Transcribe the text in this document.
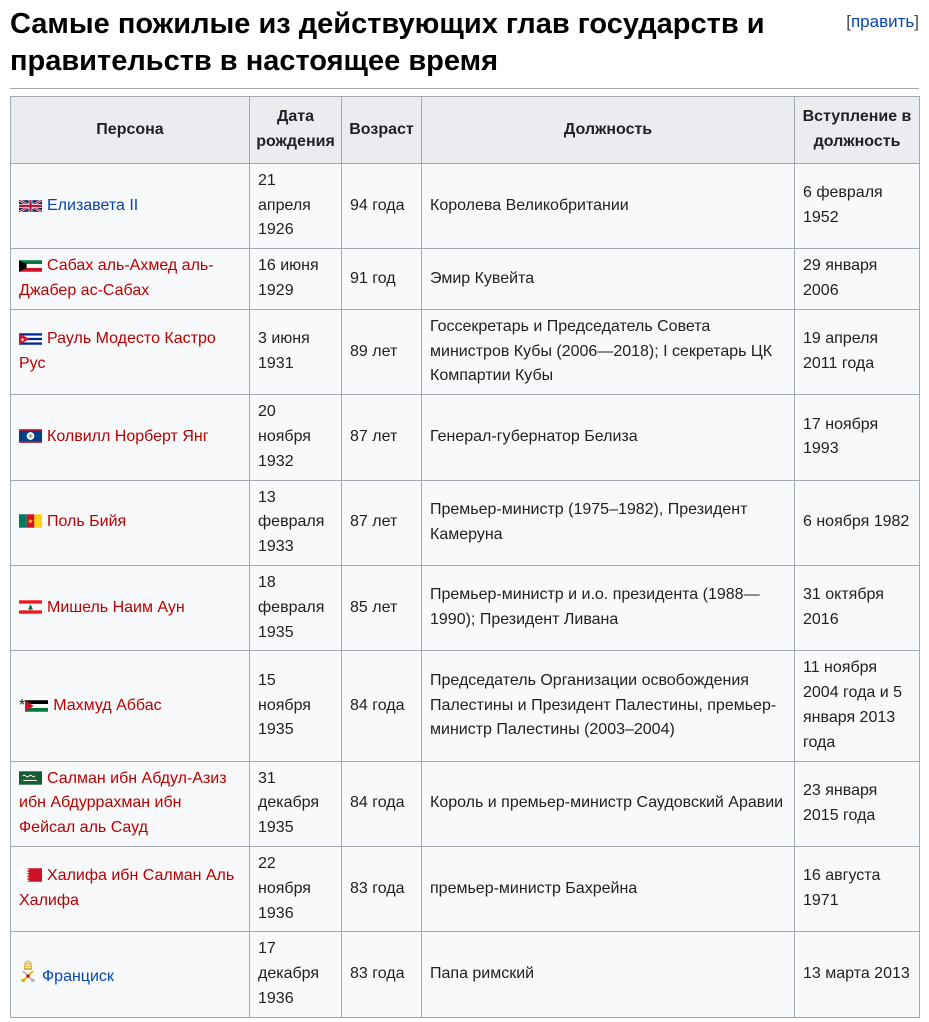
[править]
Самые пожилые из действующих глав государств и правительств в настоящее время
Персона	Дата рождения	Возраст	Должность	Вступление в должность
Елизавета II	21 апреля 1926	94 года	Королева Великобритании	6 февраля 1952
Сабах аль-Ахмед аль-Джабер ас-Сабах	16 июня 1929	91 год	Эмир Кувейта	29 января 2006
Рауль Модесто Кастро Рус	3 июня 1931	89 лет	Госсекретарь и Председатель Совета министров Кубы (2006—2018); I секретарь ЦК Компартии Кубы	19 апреля 2011 года
Колвилл Норберт Янг	20 ноября 1932	87 лет	Генерал-губернатор Белиза	17 ноября 1993
Поль Бийя	13 февраля 1933	87 лет	Премьер-министр (1975–1982), Президент Камеруна	6 ноября 1982
Мишель Наим Аун	18 февраля 1935	85 лет	Премьер-министр и и.о. президента (1988—1990); Президент Ливана	31 октября 2016
* Махмуд Аббас	15 ноября 1935	84 года	Председатель Организации освобождения Палестины и Президент Палестины, премьер-министр Палестины (2003–2004)	11 ноября 2004 года и 5 января 2013 года
Салман ибн Абдул-Азиз ибн Абдуррахман ибн Фейсал аль Сауд	31 декабря 1935	84 года	Король и премьер-министр Саудовский Аравии	23 января 2015 года
Халифа ибн Салман Аль Халифа	22 ноября 1936	83 года	премьер-министр Бахрейна	16 августа 1971
Франциск	17 декабря 1936	83 года	Папа римский	13 марта 2013
